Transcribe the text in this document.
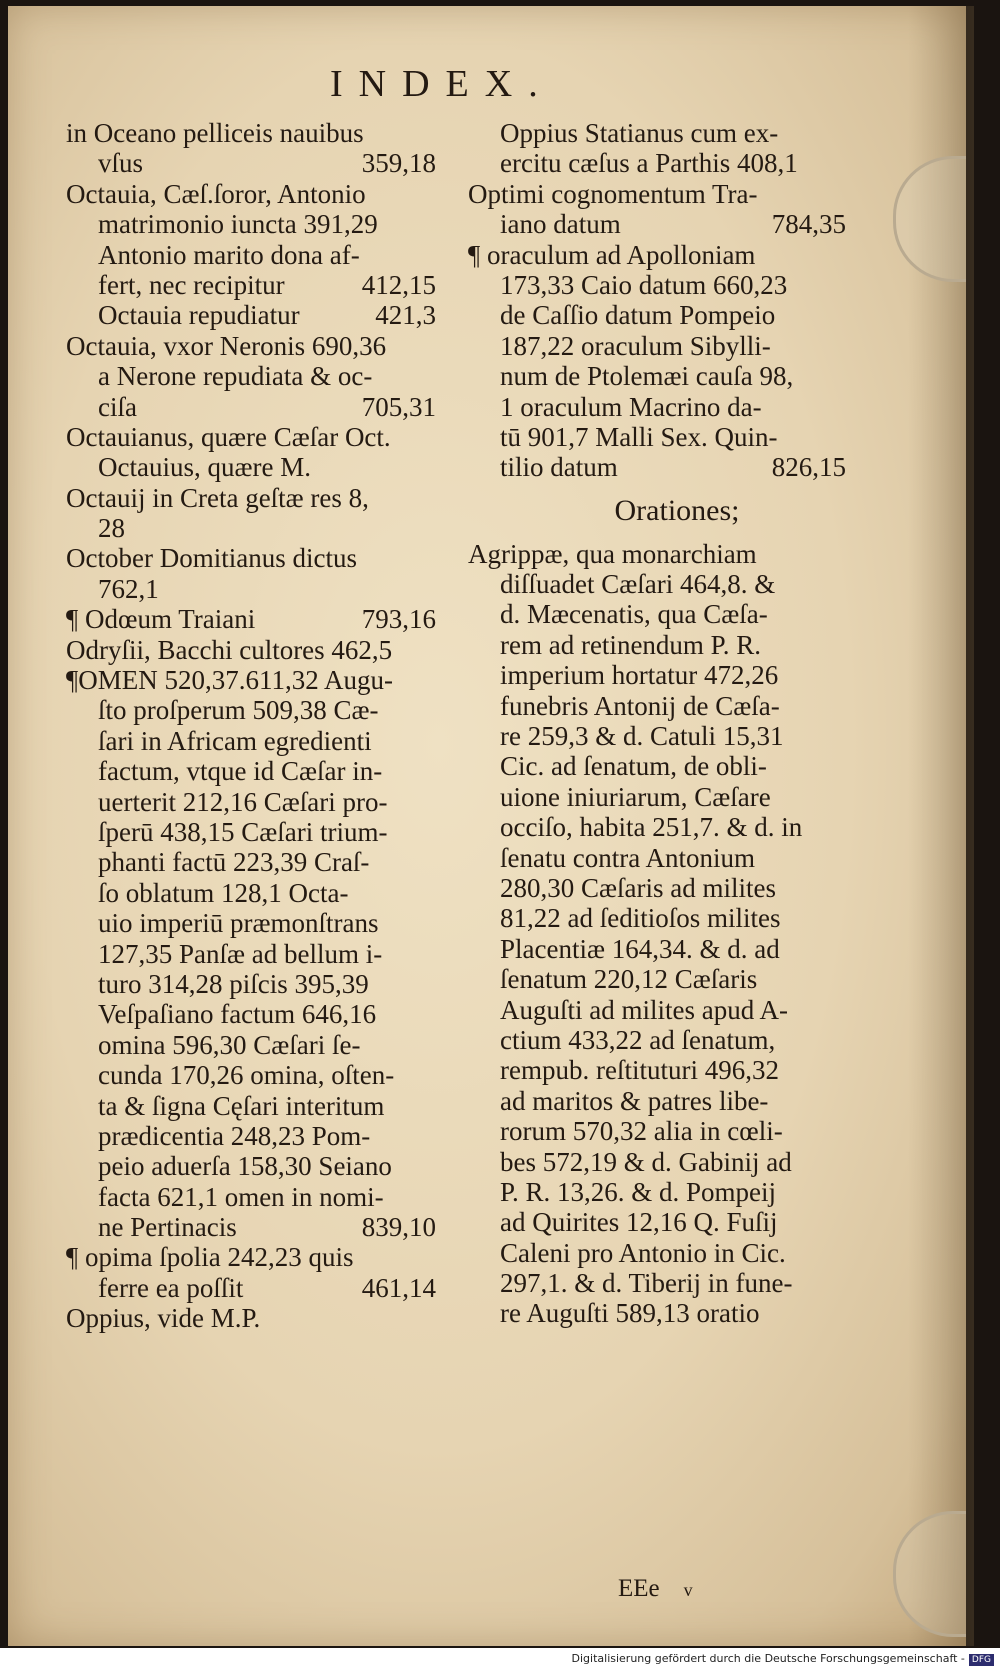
INDEX.
in Oceano pelliceis nauibus
vſus	359,18
Octauia, Cæſ.ſoror, Antonio
matrimonio iuncta 391,29
Antonio marito dona af-
fert, nec recipitur	412,15
Octauia repudiatur	421,3
Octauia, vxor Neronis 690,36
a Nerone repudiata & oc-
ciſa	705,31
Octauianus, quære Cæſar Oct.
Octauius, quære M.
Octauij in Creta geſtæ res 8,
28
October Domitianus dictus
762,1
¶ Odœum Traiani	793,16
Odryſii, Bacchi cultores 462,5
¶OMEN 520,37.611,32 Augu-
ſto proſperum 509,38 Cæ-
ſari in Africam egredienti
factum, vtque id Cæſar in-
uerterit 212,16 Cæſari pro-
ſperū 438,15 Cæſari trium-
phanti factū 223,39 Craſ-
ſo oblatum 128,1 Octa-
uio imperiū præmonſtrans
127,35 Panſæ ad bellum i-
turo 314,28 piſcis 395,39
Veſpaſiano factum 646,16
omina 596,30 Cæſari ſe-
cunda 170,26 omina, oſten-
ta & ſigna Cęſari interitum
prædicentia 248,23 Pom-
peio aduerſa 158,30 Seiano
facta 621,1 omen in nomi-
ne Pertinacis	839,10
¶ opima ſpolia 242,23 quis
ferre ea poſſit	461,14
Oppius, vide M.P.
Oppius Statianus cum ex-
ercitu cæſus a Parthis 408,1
Optimi cognomentum Tra-
iano datum	784,35
¶ oraculum ad Apolloniam
173,33 Caio datum 660,23
de Caſſio datum Pompeio
187,22 oraculum Sibylli-
num de Ptolemæi cauſa 98,
1 oraculum Macrino da-
tū 901,7 Malli Sex. Quin-
tilio datum	826,15
Orationes;
Agrippæ, qua monarchiam
diſſuadet Cæſari 464,8. &
d. Mæcenatis, qua Cæſa-
rem ad retinendum P. R.
imperium hortatur 472,26
funebris Antonij de Cæſa-
re 259,3 & d. Catuli 15,31
Cic. ad ſenatum, de obli-
uione iniuriarum, Cæſare
occiſo, habita 251,7. & d. in
ſenatu contra Antonium
280,30 Cæſaris ad milites
81,22 ad ſeditioſos milites
Placentiæ 164,34. & d. ad
ſenatum 220,12 Cæſaris
Auguſti ad milites apud A-
ctium 433,22 ad ſenatum,
rempub. reſtituturi 496,32
ad maritos & patres libe-
rorum 570,32 alia in cœli-
bes 572,19 & d. Gabinij ad
P. R. 13,26. & d. Pompeij
ad Quirites 12,16 Q. Fuſij
Caleni pro Antonio in Cic.
297,1. & d. Tiberij in fune-
re Auguſti 589,13 oratio
EEe v
Digitalisierung gefördert durch die Deutsche Forschungsgemeinschaft - DFG
